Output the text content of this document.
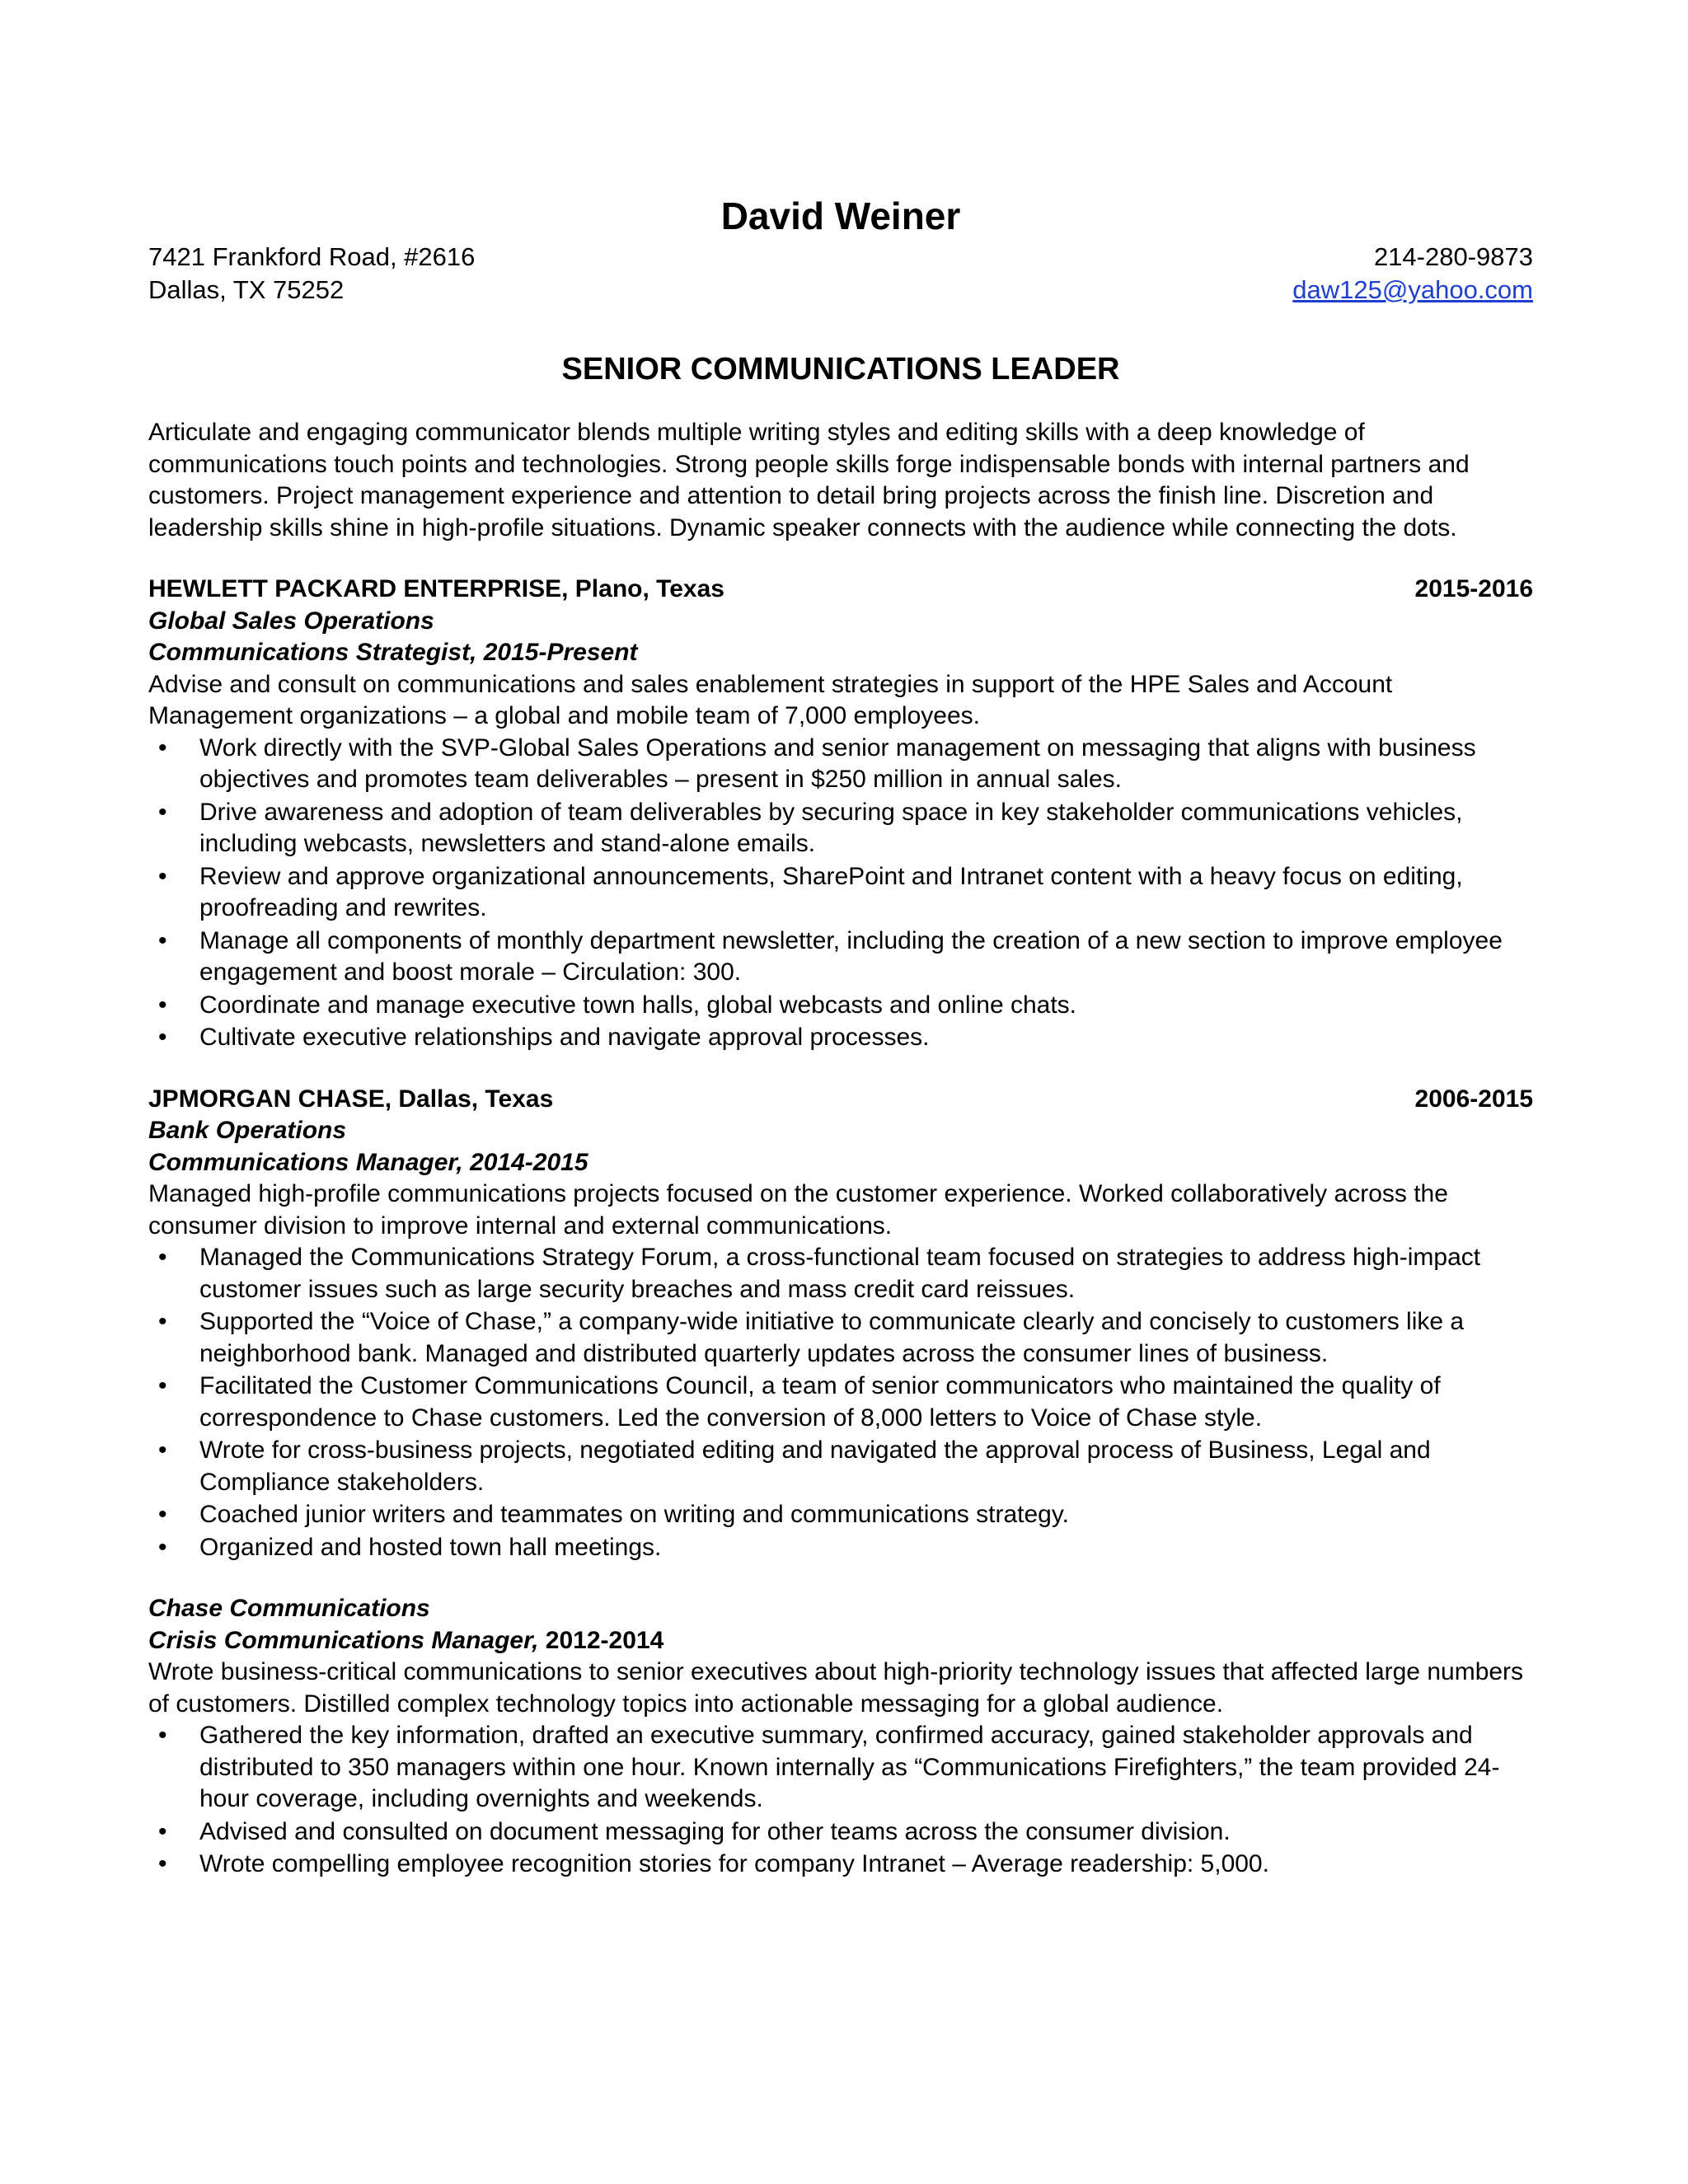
David Weiner
7421 Frankford Road, #2616
Dallas, TX 75252
214-280-9873
daw125@yahoo.com
SENIOR COMMUNICATIONS LEADER
Articulate and engaging communicator blends multiple writing styles and editing skills with a deep knowledge of communications touch points and technologies. Strong people skills forge indispensable bonds with internal partners and customers. Project management experience and attention to detail bring projects across the finish line. Discretion and leadership skills shine in high-profile situations. Dynamic speaker connects with the audience while connecting the dots.
HEWLETT PACKARD ENTERPRISE, Plano, Texas	2015-2016
Global Sales Operations
Communications Strategist, 2015-Present
Advise and consult on communications and sales enablement strategies in support of the HPE Sales and Account Management organizations – a global and mobile team of 7,000 employees.
• Work directly with the SVP-Global Sales Operations and senior management on messaging that aligns with business objectives and promotes team deliverables – present in $250 million in annual sales.
• Drive awareness and adoption of team deliverables by securing space in key stakeholder communications vehicles, including webcasts, newsletters and stand-alone emails.
• Review and approve organizational announcements, SharePoint and Intranet content with a heavy focus on editing, proofreading and rewrites.
• Manage all components of monthly department newsletter, including the creation of a new section to improve employee engagement and boost morale – Circulation: 300.
• Coordinate and manage executive town halls, global webcasts and online chats.
• Cultivate executive relationships and navigate approval processes.
JPMORGAN CHASE, Dallas, Texas	2006-2015
Bank Operations
Communications Manager, 2014-2015
Managed high-profile communications projects focused on the customer experience. Worked collaboratively across the consumer division to improve internal and external communications.
• Managed the Communications Strategy Forum, a cross-functional team focused on strategies to address high-impact customer issues such as large security breaches and mass credit card reissues.
• Supported the “Voice of Chase,” a company-wide initiative to communicate clearly and concisely to customers like a neighborhood bank. Managed and distributed quarterly updates across the consumer lines of business.
• Facilitated the Customer Communications Council, a team of senior communicators who maintained the quality of correspondence to Chase customers. Led the conversion of 8,000 letters to Voice of Chase style.
• Wrote for cross-business projects, negotiated editing and navigated the approval process of Business, Legal and Compliance stakeholders.
• Coached junior writers and teammates on writing and communications strategy.
• Organized and hosted town hall meetings.
Chase Communications
Crisis Communications Manager, 2012-2014
Wrote business-critical communications to senior executives about high-priority technology issues that affected large numbers of customers. Distilled complex technology topics into actionable messaging for a global audience.
• Gathered the key information, drafted an executive summary, confirmed accuracy, gained stakeholder approvals and distributed to 350 managers within one hour. Known internally as “Communications Firefighters,” the team provided 24-hour coverage, including overnights and weekends.
• Advised and consulted on document messaging for other teams across the consumer division.
• Wrote compelling employee recognition stories for company Intranet – Average readership: 5,000.
